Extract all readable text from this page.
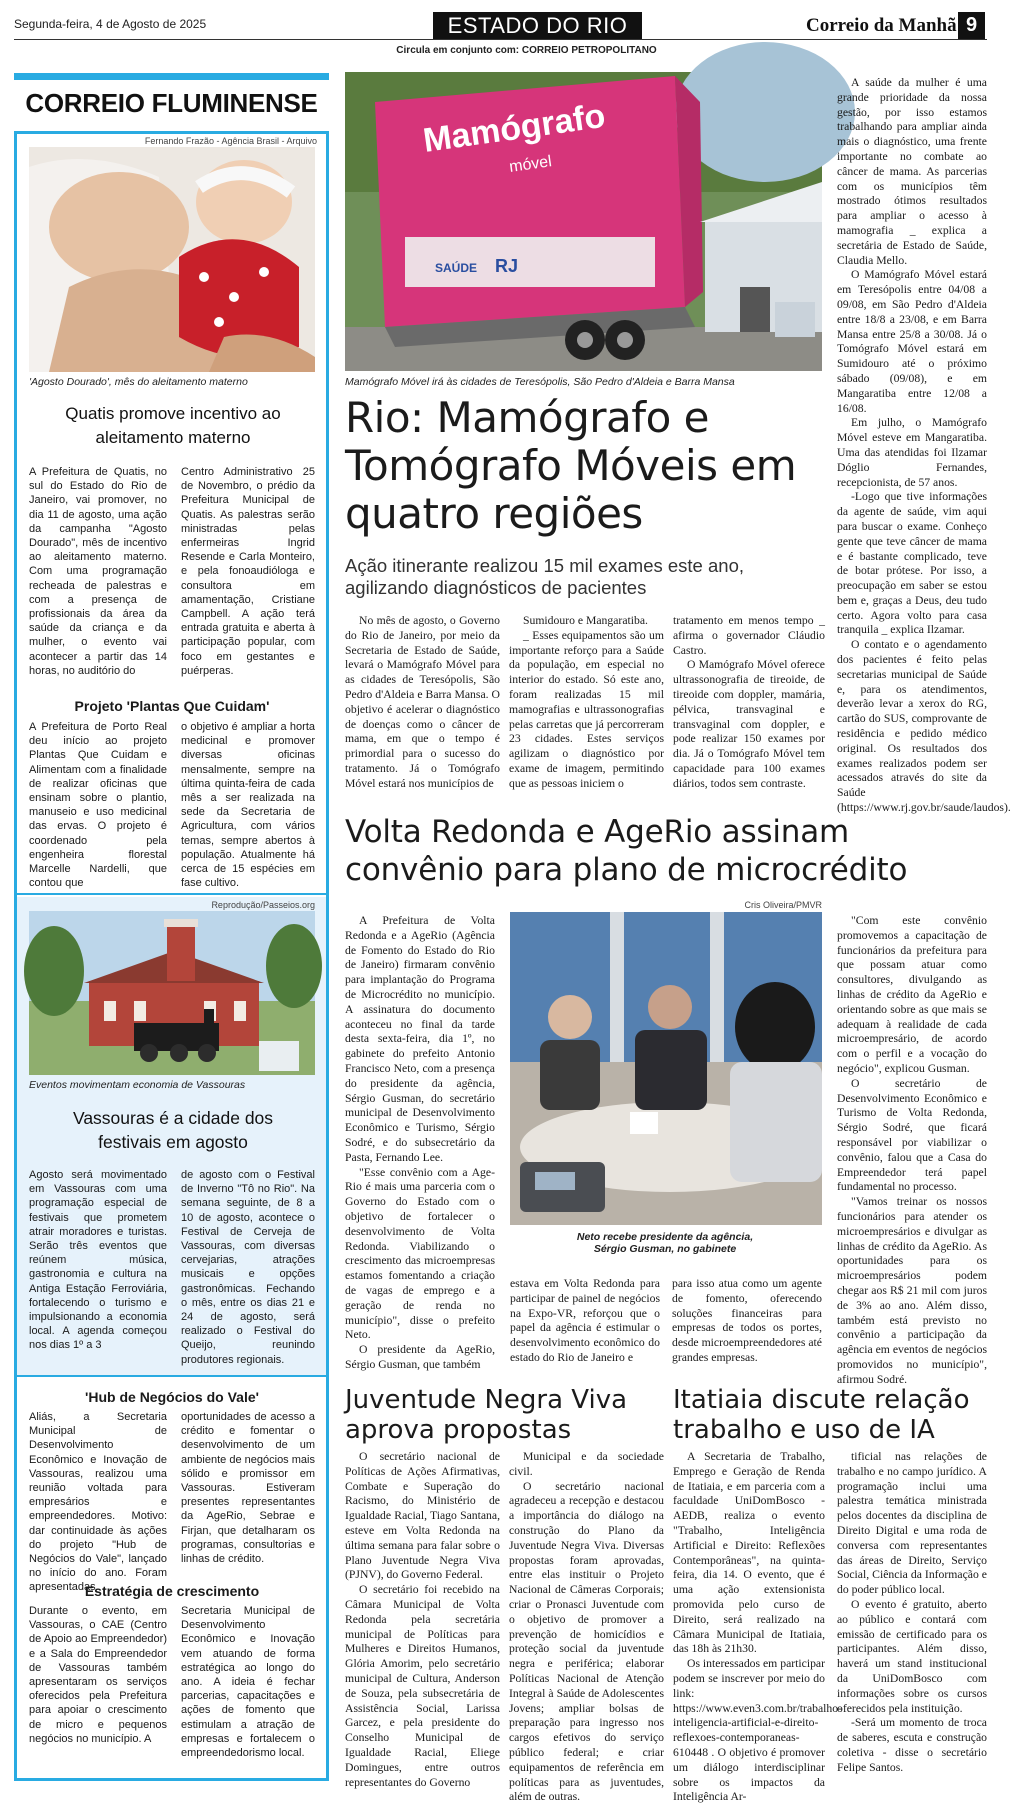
Segunda-feira, 4 de Agosto de 2025	ESTADO DO RIO	Correio da Manhã 9
Circula em conjunto com: CORREIO PETROPOLITANO
CORREIO FLUMINENSE
Fernando Frazão - Agência Brasil - Arquivo
'Agosto Dourado', mês do aleitamento materno
Quatis promove incentivo ao aleitamento materno
A Prefeitura de Quatis, no sul do Estado do Rio de Janeiro, vai promover, no dia 11 de agosto, uma ação da campanha "Agosto Dourado", mês de incentivo ao aleitamento materno. Com uma programação recheada de palestras e com a presença de profissionais da área da saúde da criança e da mulher, o evento vai acontecer a partir das 14 horas, no auditório do
Centro Administrativo 25 de Novembro, o prédio da Prefeitura Municipal de Quatis. As palestras serão ministradas pelas enfermeiras Ingrid Resende e Carla Monteiro, e pela fonoaudióloga e consultora em amamentação, Cristiane Campbell. A ação terá entrada gratuita e aberta à participação popular, com foco em gestantes e puérperas.
Projeto 'Plantas Que Cuidam'
A Prefeitura de Porto Real deu início ao projeto Plantas Que Cuidam e Alimentam com a finalidade de realizar oficinas que ensinam sobre o plantio, manuseio e uso medicinal das ervas. O projeto é coordenado pela engenheira florestal Marcelle Nardelli, que contou que
o objetivo é ampliar a horta medicinal e promover diversas oficinas mensalmente, sempre na última quinta-feira de cada mês a ser realizada na sede da Secretaria de Agricultura, com vários temas, sempre abertos à população. Atualmente há cerca de 15 espécies em fase cultivo.
Reprodução/Passeios.org
Eventos movimentam economia de Vassouras
Vassouras é a cidade dos festivais em agosto
Agosto será movimentado em Vassouras com uma programação especial de festivais que prometem atrair moradores e turistas. Serão três eventos que reúnem música, gastronomia e cultura na Antiga Estação Ferroviária, fortalecendo o turismo e impulsionando a economia local. A agenda começou nos dias 1º a 3
de agosto com o Festival de Inverno "Tô no Rio". Na semana seguinte, de 8 a 10 de agosto, acontece o Festival de Cerveja de Vassouras, com diversas cervejarias, atrações musicais e opções gastronômicas. Fechando o mês, entre os dias 21 e 24 de agosto, será realizado o Festival do Queijo, reunindo produtores regionais.
'Hub de Negócios do Vale'
Aliás, a Secretaria Municipal de Desenvolvimento Econômico e Inovação de Vassouras, realizou uma reunião voltada para empresários e empreendedores. Motivo: dar continuidade às ações do projeto "Hub de Negócios do Vale", lançado no início do ano. Foram apresentadas
oportunidades de acesso a crédito e fomentar o desenvolvimento de um ambiente de negócios mais sólido e promissor em Vassouras. Estiveram presentes representantes da AgeRio, Sebrae e Firjan, que detalharam os programas, consultorias e linhas de crédito.
Estratégia de crescimento
Durante o evento, em Vassouras, o CAE (Centro de Apoio ao Empreendedor) e a Sala do Empreendedor de Vassouras também apresentaram os serviços oferecidos pela Prefeitura para apoiar o crescimento de micro e pequenos negócios no município. A
Secretaria Municipal de Desenvolvimento Econômico e Inovação vem atuando de forma estratégica ao longo do ano. A ideia é fechar parcerias, capacitações e ações de fomento que estimulam a atração de empresas e fortalecem o empreendedorismo local.
Mamógrafo
móvel
SAÚDE RJ
Mamógrafo Móvel irá às cidades de Teresópolis, São Pedro d'Aldeia e Barra Mansa
Rio: Mamógrafo e Tomógrafo Móveis em quatro regiões
Ação itinerante realizou 15 mil exames este ano, agilizando diagnósticos de pacientes

No mês de agosto, o Governo do Rio de Janeiro, por meio da Secretaria de Estado de Saúde, levará o Mamógrafo Móvel para as cidades de Teresópolis, São Pedro d'Aldeia e Barra Mansa. O objetivo é acelerar o diagnóstico de doenças como o câncer de mama, em que o tempo é primordial para o sucesso do tratamento. Já o Tomógrafo Móvel estará nos municípios de

Sumidouro e Mangaratiba.

_ Esses equipamentos são um importante reforço para a Saúde da população, em especial no interior do estado. Só este ano, foram realizadas 15 mil mamografias e ultrassonografias pelas carretas que já percorreram 23 cidades. Estes serviços agilizam o diagnóstico por exame de imagem, permitindo que as pessoas iniciem o

tratamento em menos tempo _ afirma o governador Cláudio Castro.

O Mamógrafo Móvel oferece ultrassonografia de tireoide, de tireoide com doppler, mamária, pélvica, transvaginal e transvaginal com doppler, e pode realizar 150 exames por dia. Já o Tomógrafo Móvel tem capacidade para 100 exames diários, todos sem contraste.

A saúde da mulher é uma grande prioridade da nossa gestão, por isso estamos trabalhando para ampliar ainda mais o diagnóstico, uma frente importante no combate ao câncer de mama. As parcerias com os municípios têm mostrado ótimos resultados para ampliar o acesso à mamografia _ explica a secretária de Estado de Saúde, Claudia Mello.

O Mamógrafo Móvel estará em Teresópolis entre 04/08 a 09/08, em São Pedro d'Aldeia entre 18/8 a 23/08, e em Barra Mansa entre 25/8 a 30/08. Já o Tomógrafo Móvel estará em Sumidouro até o próximo sábado (09/08), e em Mangaratiba entre 12/08 a 16/08.

Em julho, o Mamógrafo Móvel esteve em Mangaratiba. Uma das atendidas foi Ilzamar Dóglio Fernandes, recepcionista, de 57 anos.

-Logo que tive informações da agente de saúde, vim aqui para buscar o exame. Conheço gente que teve câncer de mama e é bastante complicado, teve de botar prótese. Por isso, a preocupação em saber se estou bem e, graças a Deus, deu tudo certo. Agora volto para casa tranquila _ explica Ilzamar.

O contato e o agendamento dos pacientes é feito pelas secretarias municipal de Saúde e, para os atendimentos, deverão levar a xerox do RG, cartão do SUS, comprovante de residência e pedido médico original. Os resultados dos exames realizados podem ser acessados através do site da Saúde (https://www.rj.gov.br/saude/laudos).

Volta Redonda e AgeRio assinam convênio para plano de microcrédito

A Prefeitura de Volta Redonda e a AgeRio (Agência de Fomento do Estado do Rio de Janeiro) firmaram convênio para implantação do Programa de Microcrédito no município. A assinatura do documento aconteceu no final da tarde desta sexta-feira, dia 1º, no gabinete do prefeito Antonio Francisco Neto, com a presença do presidente da agência, Sérgio Gusman, do secretário municipal de Desenvolvimento Econômico e Turismo, Sérgio Sodré, e do subsecretário da Pasta, Fernando Lee.

"Esse convênio com a Age-Rio é mais uma parceria com o Governo do Estado com o objetivo de fortalecer o desenvolvimento de Volta Redonda. Viabilizando o crescimento das microempresas estamos fomentando a criação de vagas de emprego e a geração de renda no município", disse o prefeito Neto.

O presidente da AgeRio, Sérgio Gusman, que também

Cris Oliveira/PMVR
Neto recebe presidente da agência, Sérgio Gusman, no gabinete

estava em Volta Redonda para participar de painel de negócios na Expo-VR, reforçou que o papel da agência é estimular o desenvolvimento econômico do estado do Rio de Janeiro e

para isso atua como um agente de fomento, oferecendo soluções financeiras para empresas de todos os portes, desde microempreendedores até grandes empresas.

"Com este convênio promovemos a capacitação de funcionários da prefeitura para que possam atuar como consultores, divulgando as linhas de crédito da AgeRio e orientando sobre as que mais se adequam à realidade de cada microempresário, de acordo com o perfil e a vocação do negócio", explicou Gusman.

O secretário de Desenvolvimento Econômico e Turismo de Volta Redonda, Sérgio Sodré, que ficará responsável por viabilizar o convênio, falou que a Casa do Empreendedor terá papel fundamental no processo.

"Vamos treinar os nossos funcionários para atender os microempresários e divulgar as linhas de crédito da AgeRio. As oportunidades para os microempresários podem chegar aos R$ 21 mil com juros de 3% ao ano. Além disso, também está previsto no convênio a participação da agência em eventos de negócios promovidos no município", afirmou Sodré.

Juventude Negra Viva aprova propostas

O secretário nacional de Políticas de Ações Afirmativas, Combate e Superação do Racismo, do Ministério de Igualdade Racial, Tiago Santana, esteve em Volta Redonda na última semana para falar sobre o Plano Juventude Negra Viva (PJNV), do Governo Federal.

O secretário foi recebido na Câmara Municipal de Volta Redonda pela secretária municipal de Políticas para Mulheres e Direitos Humanos, Glória Amorim, pelo secretário municipal de Cultura, Anderson de Souza, pela subsecretária de Assistência Social, Larissa Garcez, e pela presidente do Conselho Municipal de Igualdade Racial, Eliege Domingues, entre outros representantes do Governo

Municipal e da sociedade civil.

O secretário nacional agradeceu a recepção e destacou a importância do diálogo na construção do Plano da Juventude Negra Viva. Diversas propostas foram aprovadas, entre elas instituir o Projeto Nacional de Câmeras Corporais; criar o Pronasci Juventude com o objetivo de promover a prevenção de homicídios e proteção social da juventude negra e periférica; elaborar Políticas Nacional de Atenção Integral à Saúde de Adolescentes Jovens; ampliar bolsas de preparação para ingresso nos cargos efetivos do serviço público federal; e criar equipamentos de referência em políticas para as juventudes, além de outras.

Itatiaia discute relação trabalho e uso de IA

A Secretaria de Trabalho, Emprego e Geração de Renda de Itatiaia, e em parceria com a faculdade UniDomBosco - AEDB, realiza o evento "Trabalho, Inteligência Artificial e Direito: Reflexões Contemporâneas", na quinta-feira, dia 14. O evento, que é uma ação extensionista promovida pelo curso de Direito, será realizado na Câmara Municipal de Itatiaia, das 18h às 21h30.

Os interessados em participar podem se inscrever por meio do link: https://www.even3.com.br/trabalho-inteligencia-artificial-e-direito-reflexoes-contemporaneas-610448 . O objetivo é promover um diálogo interdisciplinar sobre os impactos da Inteligência Ar-

tificial nas relações de trabalho e no campo jurídico. A programação inclui uma palestra temática ministrada pelos docentes da disciplina de Direito Digital e uma roda de conversa com representantes das áreas de Direito, Serviço Social, Ciência da Informação e do poder público local.

O evento é gratuito, aberto ao público e contará com emissão de certificado para os participantes. Além disso, haverá um stand institucional da UniDomBosco com informações sobre os cursos oferecidos pela instituição.

-Será um momento de troca de saberes, escuta e construção coletiva - disse o secretário Felipe Santos.
